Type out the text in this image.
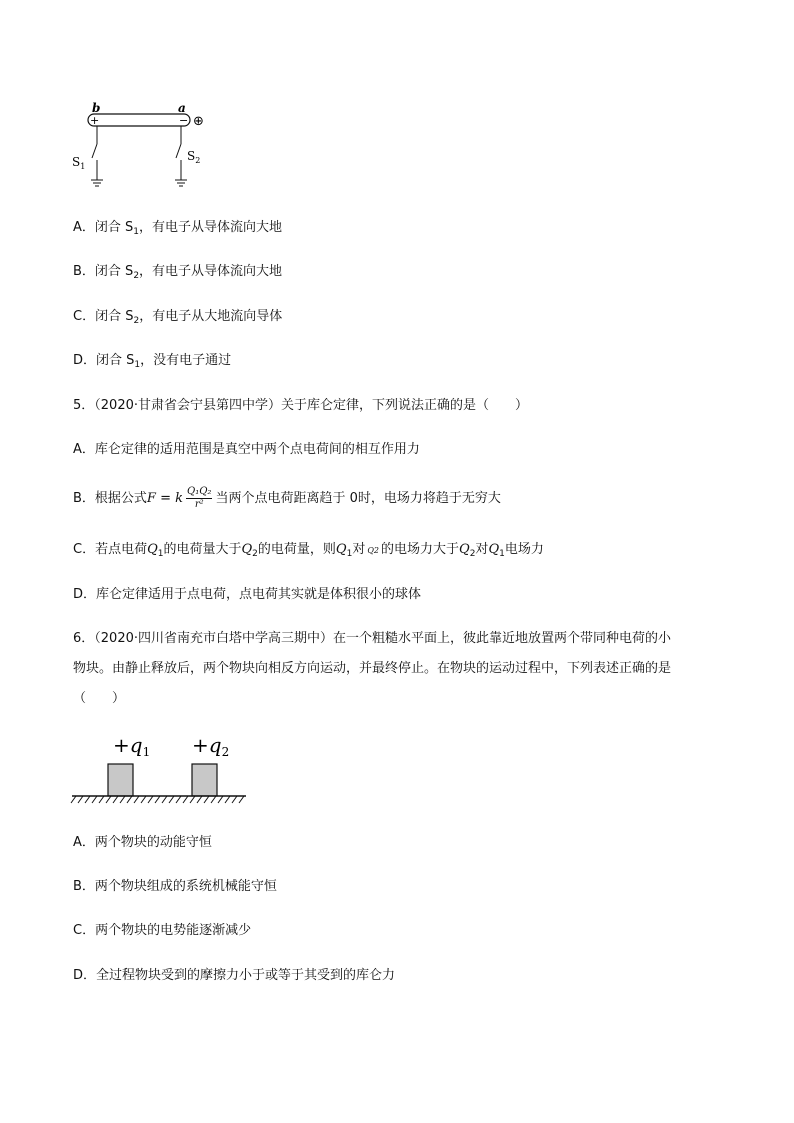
b	a
+	− ⊕
$S_1$
$S_2$
A．闭合 $S_1$，有电子从导体流向大地
B．闭合 $S_2$，有电子从导体流向大地
C．闭合 $S_2$，有电子从大地流向导体
D．闭合 $S_1$，没有电子通过
5．（2020·甘肃省会宁县第四中学）关于库仑定律，下列说法正确的是（　　）
A．库仑定律的适用范围是真空中两个点电荷间的相互作用力
B．根据公式F = k $\frac{\text{Q₁Q₂}}{\text{r²}}$ 当两个点电荷距离趋于 0时，电场力将趋于无穷大
C．若点电荷$Q_1$的电荷量大于$Q_2$的电荷量，则$Q_1$对 Q2 的电场力大于$Q_2$对$Q_1$电场力
D．库仑定律适用于点电荷，点电荷其实就是体积很小的球体
6．（2020·四川省南充市白塔中学高三期中）在一个粗糙水平面上，彼此靠近地放置两个带同种电荷的小
物块。由静止释放后，两个物块向相反方向运动，并最终停止。在物块的运动过程中，下列表述正确的是
（　　）
$+q_1 +q_2$
A．两个物块的动能守恒
B．两个物块组成的系统机械能守恒
C．两个物块的电势能逐渐减少
D．全过程物块受到的摩擦力小于或等于其受到的库仑力
